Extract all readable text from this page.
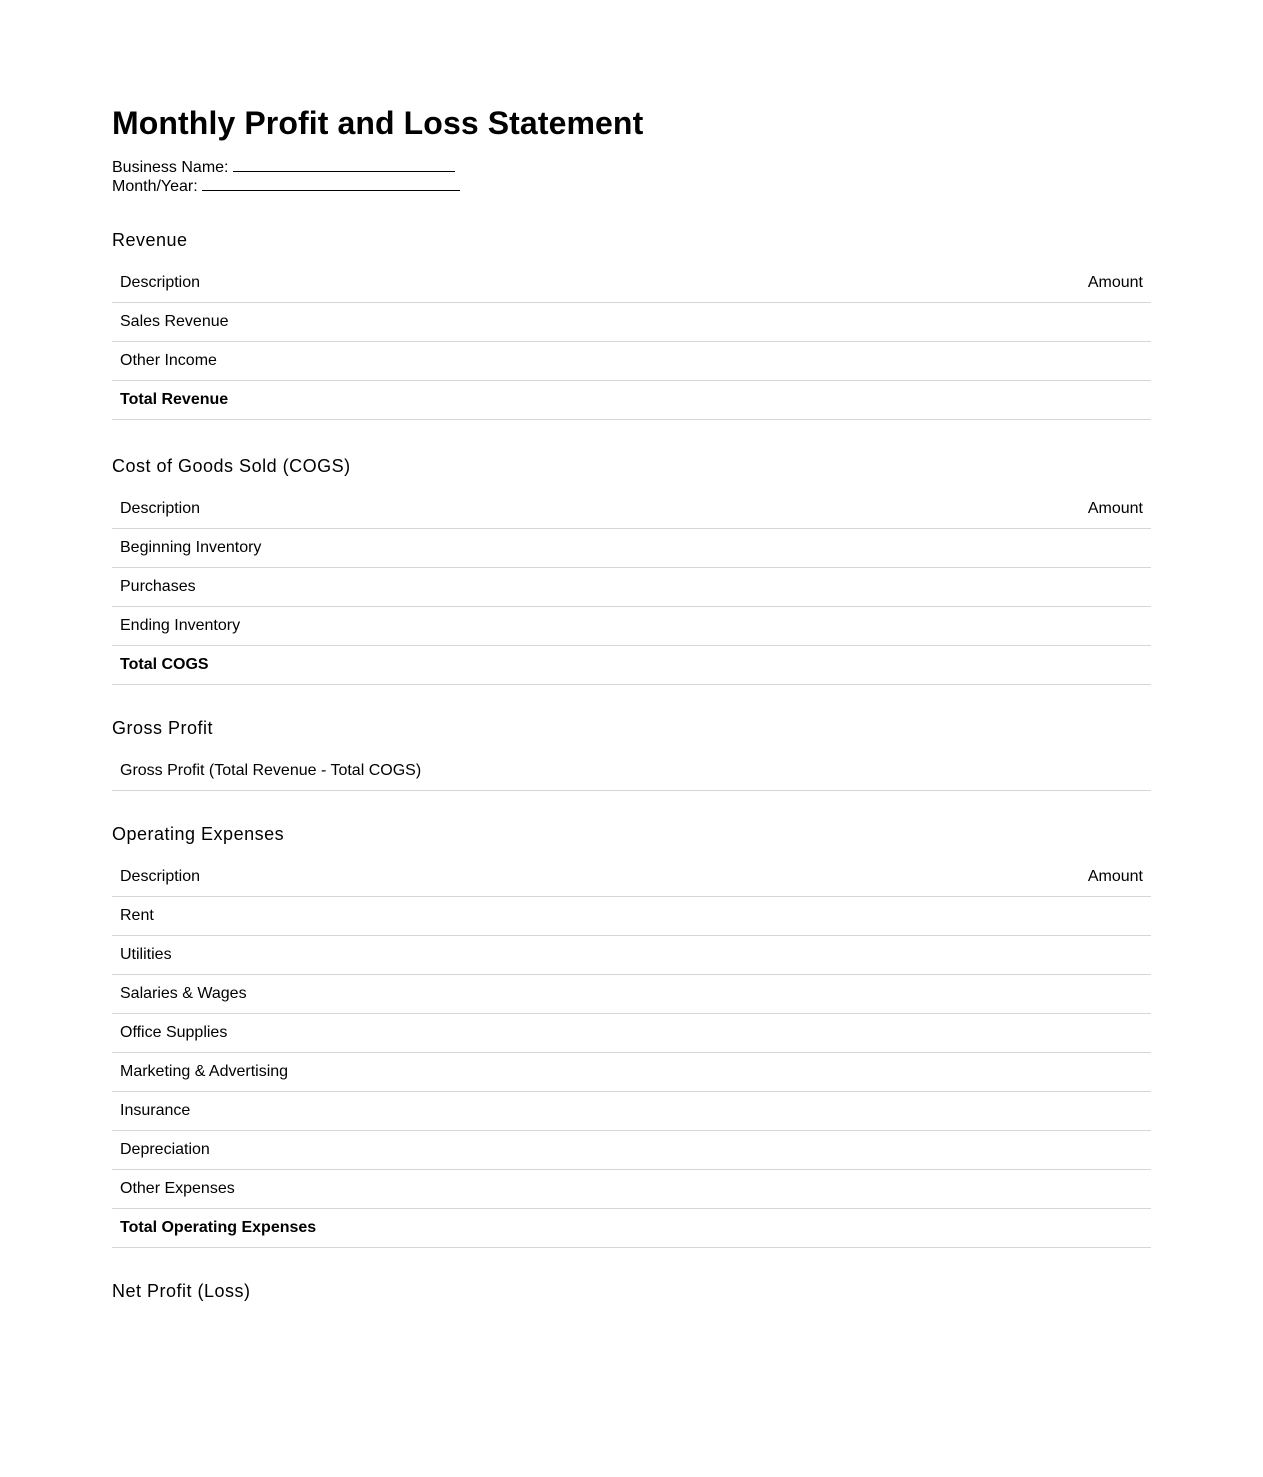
Monthly Profit and Loss Statement
Business Name:
Month/Year:
Revenue
Description	Amount
Sales Revenue	
Other Income	
Total Revenue	
Cost of Goods Sold (COGS)
Description	Amount
Beginning Inventory	
Purchases	
Ending Inventory	
Total COGS	
Gross Profit
Gross Profit (Total Revenue - Total COGS)	
Operating Expenses
Description	Amount
Rent	
Utilities	
Salaries & Wages	
Office Supplies	
Marketing & Advertising	
Insurance	
Depreciation	
Other Expenses	
Total Operating Expenses	
Net Profit (Loss)
